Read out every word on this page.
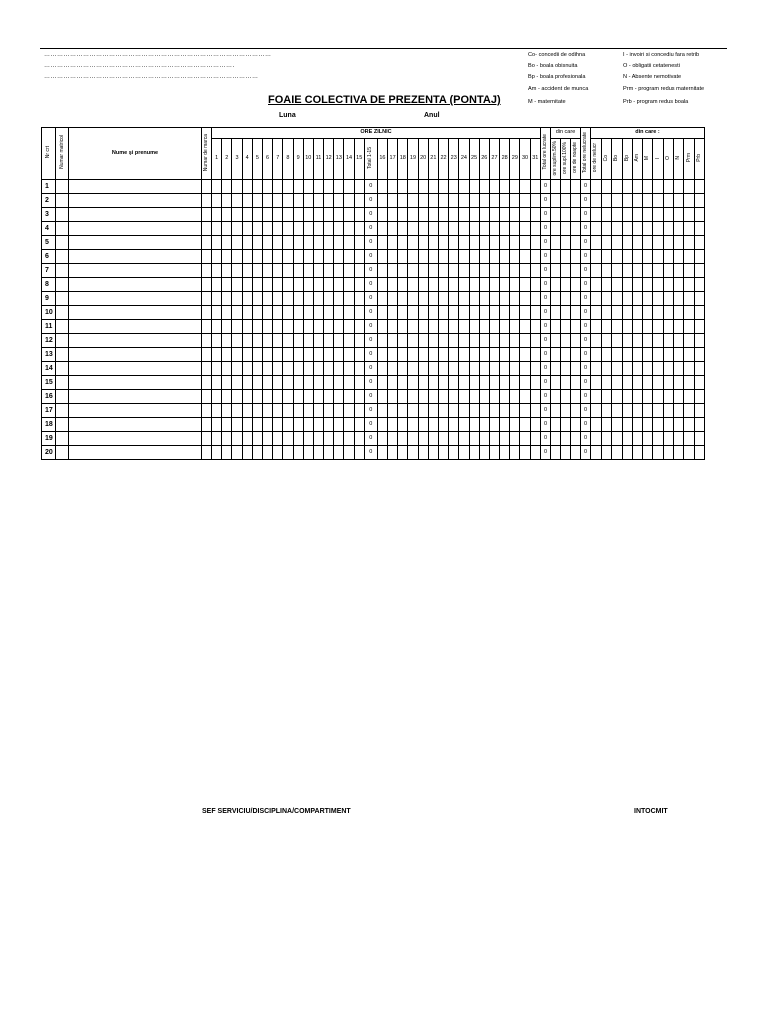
……………………………………………………………………………………………
…………………………………………………………………………….
………………………………………………………………………………………
Co- concedii de odihna
Bo - boala obisnuita
Bp - boala profesionala
Am - accident de munca
M - maternitate
I - invoiri si concediu fara retrib
O - obligatii cetatenesti
N - Absente nemotivate
Prm - program redus maternitate
Prb - program redus boala
FOAIE COLECTIVA DE PREZENTA (PONTAJ)
Luna	Anul
Nr crt	Numar matricol	Nume şi prenume	Numar de marca	ORE ZILNIC																																Total ore lucrate	din care			Total ore nelucrate	din care :										
				1	2	3	4	5	6	7	8	9	10	11	12	13	14	15	Total 1-15	16	17	18	19	20	21	22	23	24	25	26	27	28	29	30	31		ore suplim.50%	ore supl.100%	ore de noapte		ore de nelucr	Co	Bo	Bp	Am	M	I	O	N	Prm	Prb
1																			0																	0				0											
2																			0																	0				0											
3																			0																	0				0											
4																			0																	0				0											
5																			0																	0				0											
6																			0																	0				0											
7																			0																	0				0											
8																			0																	0				0											
9																			0																	0				0											
10																			0																	0				0											
11																			0																	0				0											
12																			0																	0				0											
13																			0																	0				0											
14																			0																	0				0											
15																			0																	0				0											
16																			0																	0				0											
17																			0																	0				0											
18																			0																	0				0											
19																			0																	0				0											
20																			0																	0				0											
SEF SERVICIU/DISCIPLINA/COMPARTIMENT	INTOCMIT
